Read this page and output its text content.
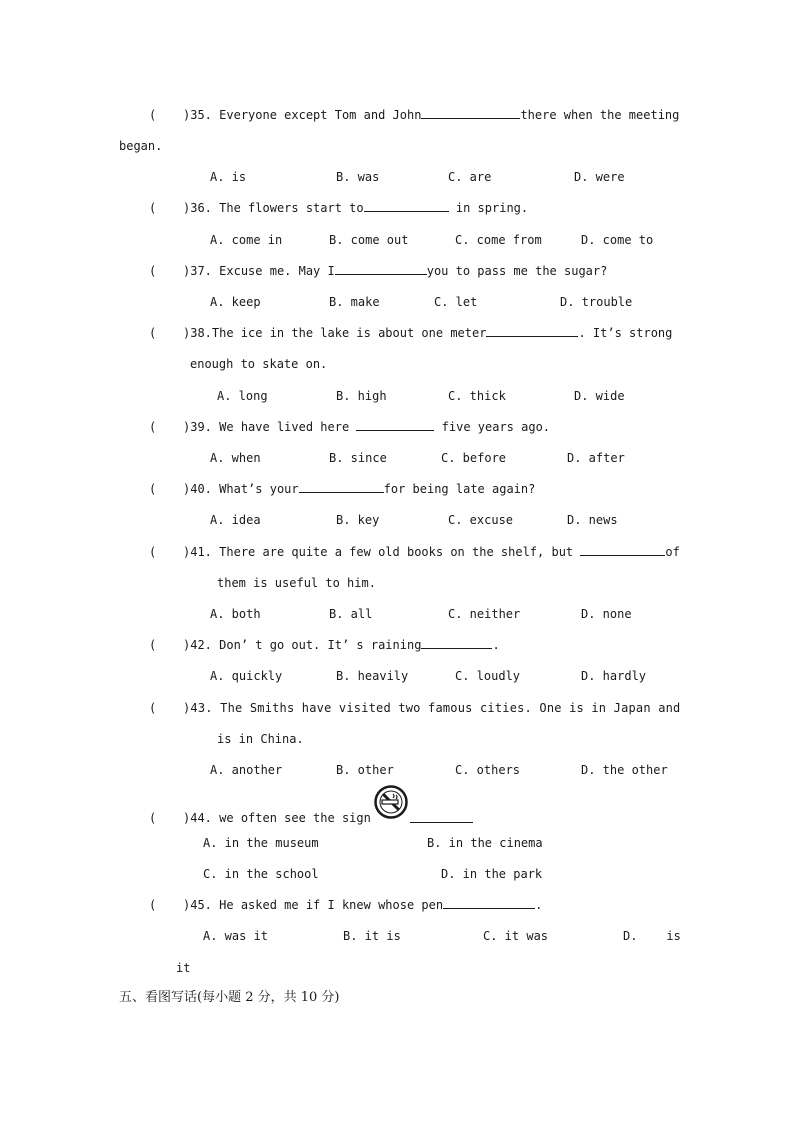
( )35. Everyone except Tom and John	there when the meeting
began.
A. is	B. was	C. are	D. were
( )36. The flowers start to	in spring.
A. come in	B. come out	C. come from	D. come to
( )37. Excuse me. May I	you to pass me the sugar?
A. keep	B. make	C. let	D. trouble
( )38.The ice in the lake is about one meter	. It’s strong
enough to skate on.
A. long	B. high	C. thick	D. wide
( )39. We have lived here	five years ago.
A. when	B. since	C. before	D. after
( )40. What’s your	for being late again?
A. idea	B. key	C. excuse	D. news
( )41. There are quite a few old books on the shelf, but	of
them is useful to him.
A. both	B. all	C. neither	D. none
( )42. Don’ t go out. It’ s raining	.
A. quickly	B. heavily	C. loudly	D. hardly
( )43. The Smiths have visited two famous cities. One is in Japan and
is in China.
A. another	B. other	C. others	D. the other
( )44. we often see the sign
A. in the museum	B. in the cinema
C. in the school	D. in the park
( )45. He asked me if I knew whose pen	.
A. was it	B. it is	C. it was	D.    is
it
五、看图写话(每小题 2 分，共 10 分)
